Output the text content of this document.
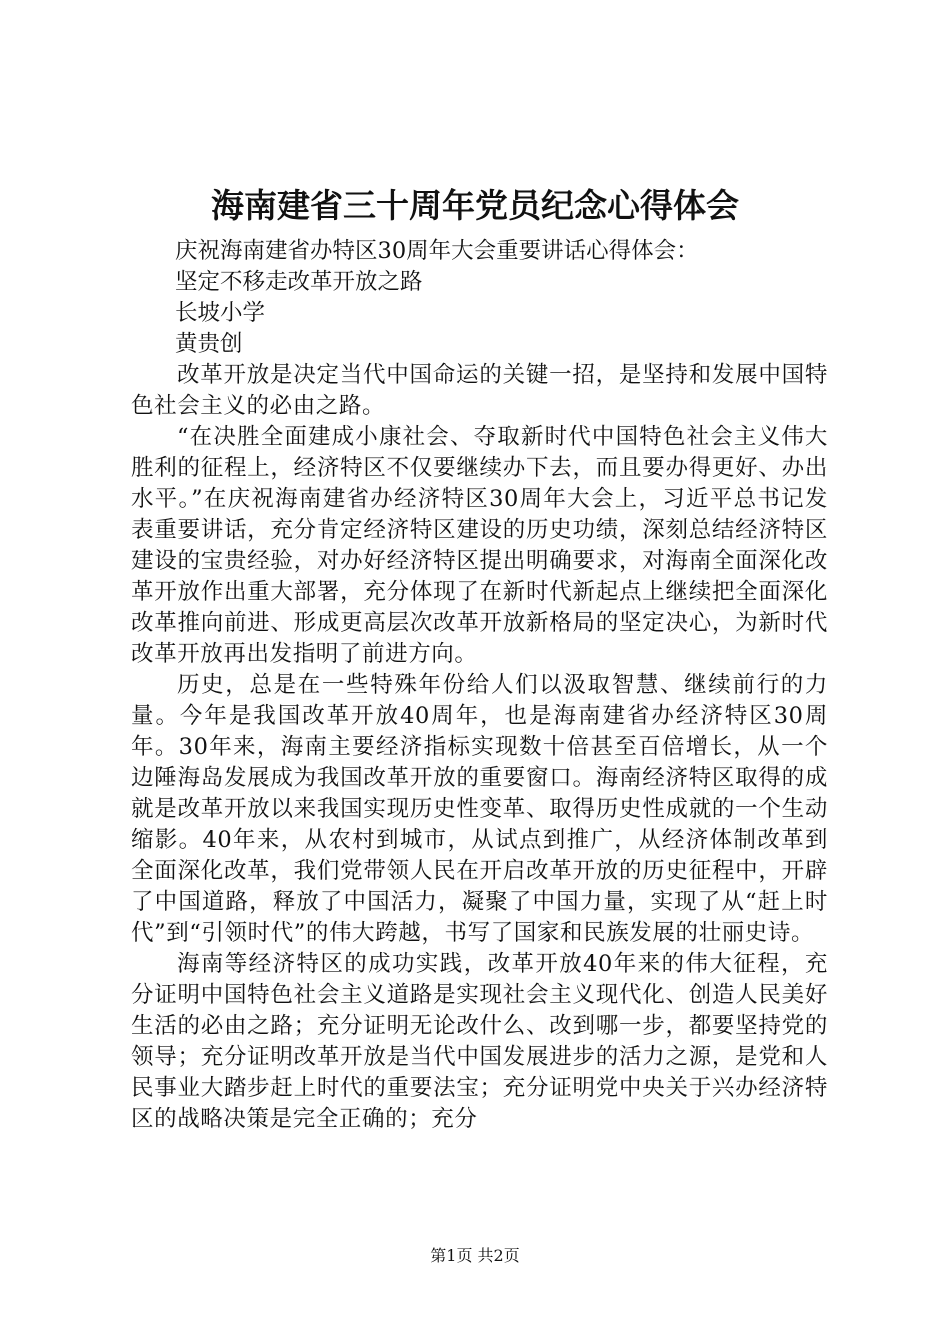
海南建省三十周年党员纪念心得体会

庆祝海南建省办特区30周年大会重要讲话心得体会：

坚定不移走改革开放之路

长坡小学

黄贵创

改革开放是决定当代中国命运的关键一招，是坚持和发展中国特色社会主义的必由之路。

“在决胜全面建成小康社会、夺取新时代中国特色社会主义伟大胜利的征程上，经济特区不仅要继续办下去，而且要办得更好、办出水平。”在庆祝海南建省办经济特区30周年大会上，习近平总书记发表重要讲话，充分肯定经济特区建设的历史功绩，深刻总结经济特区建设的宝贵经验，对办好经济特区提出明确要求，对海南全面深化改革开放作出重大部署，充分体现了在新时代新起点上继续把全面深化改革推向前进、形成更高层次改革开放新格局的坚定决心，为新时代改革开放再出发指明了前进方向。

历史，总是在一些特殊年份给人们以汲取智慧、继续前行的力量。今年是我国改革开放40周年，也是海南建省办经济特区30周年。30年来，海南主要经济指标实现数十倍甚至百倍增长，从一个边陲海岛发展成为我国改革开放的重要窗口。海南经济特区取得的成就是改革开放以来我国实现历史性变革、取得历史性成就的一个生动缩影。40年来，从农村到城市，从试点到推广，从经济体制改革到全面深化改革，我们党带领人民在开启改革开放的历史征程中，开辟了中国道路，释放了中国活力，凝聚了中国力量，实现了从“赶上时代”到“引领时代”的伟大跨越，书写了国家和民族发展的壮丽史诗。

海南等经济特区的成功实践，改革开放40年来的伟大征程，充分证明中国特色社会主义道路是实现社会主义现代化、创造人民美好生活的必由之路；充分证明无论改什么、改到哪一步，都要坚持党的领导；充分证明改革开放是当代中国发展进步的活力之源，是党和人民事业大踏步赶上时代的重要法宝；充分证明党中央关于兴办经济特区的战略决策是完全正确的；充分

第1页 共2页
